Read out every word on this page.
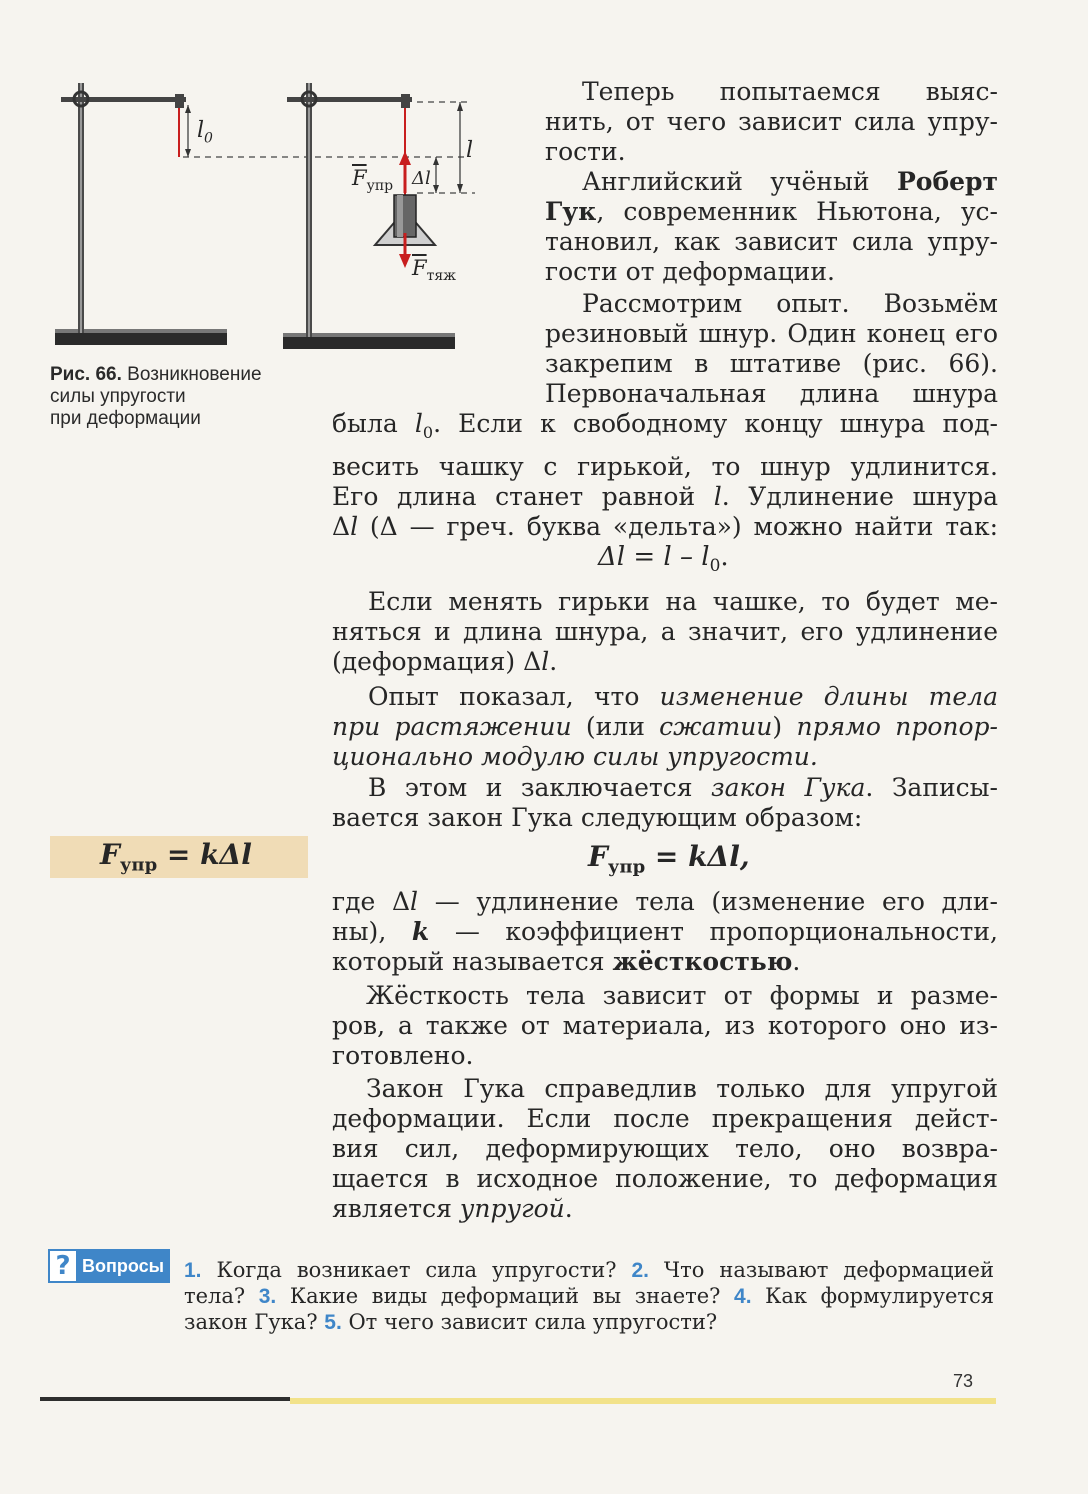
$l_0$	l
Δl
$\overline{F}_{упр}$
$\overline{F}_{тяж}$
Рис. 66. Возникновение
силы упругости
при деформации
Теперь попытаемся выяс-
нить, от чего зависит сила упру-
гости.
Английский учёный Роберт
Гук, современник Ньютона, ус-
тановил, как зависит сила упру-
гости от деформации.
Рассмотрим опыт. Возьмём
резиновый шнур. Один конец его
закрепим в штативе (рис. 66).
Первоначальная длина шнура
была $l_0$. Если к свободному концу шнура под-
весить чашку с гирькой, то шнур удлинится.
Его длина станет равной l. Удлинение шнура
Δl (Δ — греч. буква «дельта») можно найти так:
$\Delta l = l - l_0$.
Если менять гирьки на чашке, то будет ме-
няться и длина шнура, а значит, его удлинение
(деформация) Δl.
Опыт показал, что изменение длины тела
при растяжении (или сжатии) прямо пропор-
ционально модулю силы упругости.
В этом и заключается закон Гука. Записы-
вается закон Гука следующим образом:
$F_{упр} = k\Delta l$	$F_{упр} = k\Delta l$,
где Δl — удлинение тела (изменение его дли-
ны), k — коэффициент пропорциональности,
который называется жёсткостью.
Жёсткость тела зависит от формы и разме-
ров, а также от материала, из которого оно из-
готовлено.
Закон Гука справедлив только для упругой
деформации. Если после прекращения дейст-
вия сил, деформирующих тело, оно возвра-
щается в исходное положение, то деформация
является упругой.
? Вопросы 1. Когда возникает сила упругости? 2. Что называют деформацией
тела? 3. Какие виды деформаций вы знаете? 4. Как формулируется
закон Гука? 5. От чего зависит сила упругости?
73
